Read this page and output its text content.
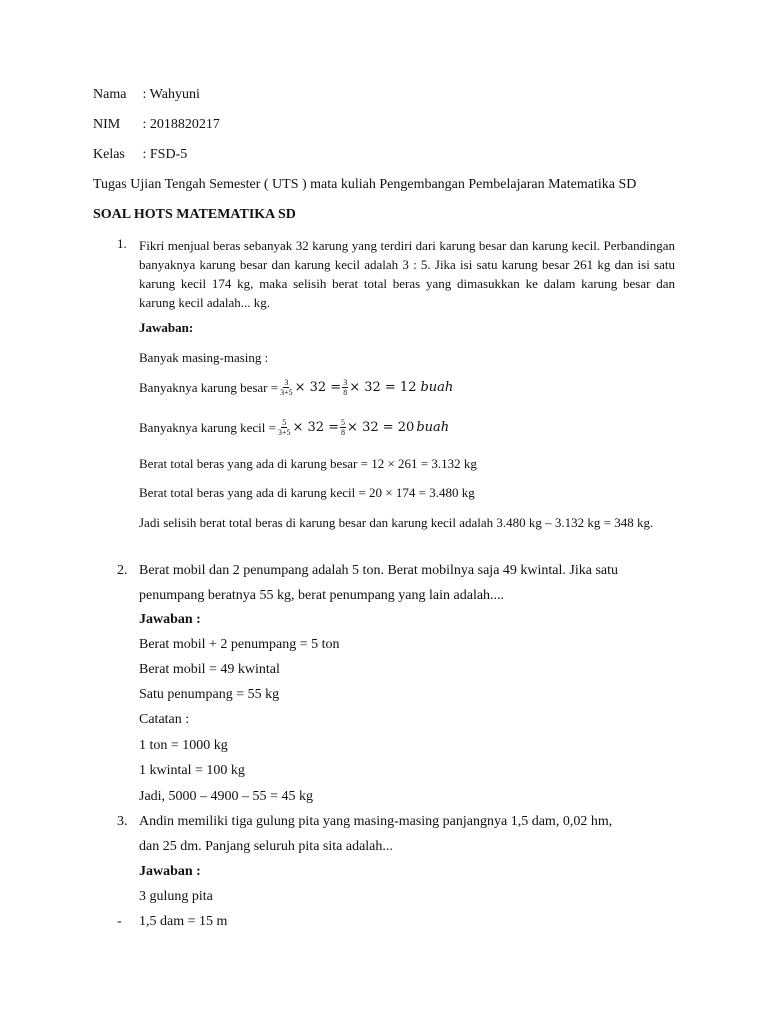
Nama : Wahyuni
NIM : 2018820217
Kelas : FSD-5
Tugas Ujian Tengah Semester ( UTS ) mata kuliah Pengembangan Pembelajaran Matematika SD
SOAL HOTS MATEMATIKA SD
1. Fikri menjual beras sebanyak 32 karung yang terdiri dari karung besar dan karung kecil. Perbandingan banyaknya karung besar dan karung kecil adalah 3 : 5. Jika isi satu karung besar 261 kg dan isi satu karung kecil 174 kg, maka selisih berat total beras yang dimasukkan ke dalam karung besar dan karung kecil adalah... kg.
Jawaban:
Banyak masing-masing :
Banyaknya karung besar = $\frac{3}{3+5} \times 32 = \frac{3}{8} \times 32 = 12$ buah
Banyaknya karung kecil = $\frac{5}{3+5} \times 32 = \frac{5}{8} \times 32 = 20$ buah
Berat total beras yang ada di karung besar = 12 × 261 = 3.132 kg
Berat total beras yang ada di karung kecil = 20 × 174 = 3.480 kg
Jadi selisih berat total beras di karung besar dan karung kecil adalah 3.480 kg – 3.132 kg = 348 kg.
2. Berat mobil dan 2 penumpang adalah 5 ton. Berat mobilnya saja 49 kwintal. Jika satu
penumpang beratnya 55 kg, berat penumpang yang lain adalah....
Jawaban :
Berat mobil + 2 penumpang = 5 ton
Berat mobil = 49 kwintal
Satu penumpang = 55 kg
Catatan :
1 ton = 1000 kg
1 kwintal = 100 kg
Jadi, 5000 – 4900 – 55 = 45 kg
3. Andin memiliki tiga gulung pita yang masing-masing panjangnya 1,5 dam, 0,02 hm,
dan 25 dm. Panjang seluruh pita sita adalah...
Jawaban :
3 gulung pita
- 1,5 dam = 15 m
